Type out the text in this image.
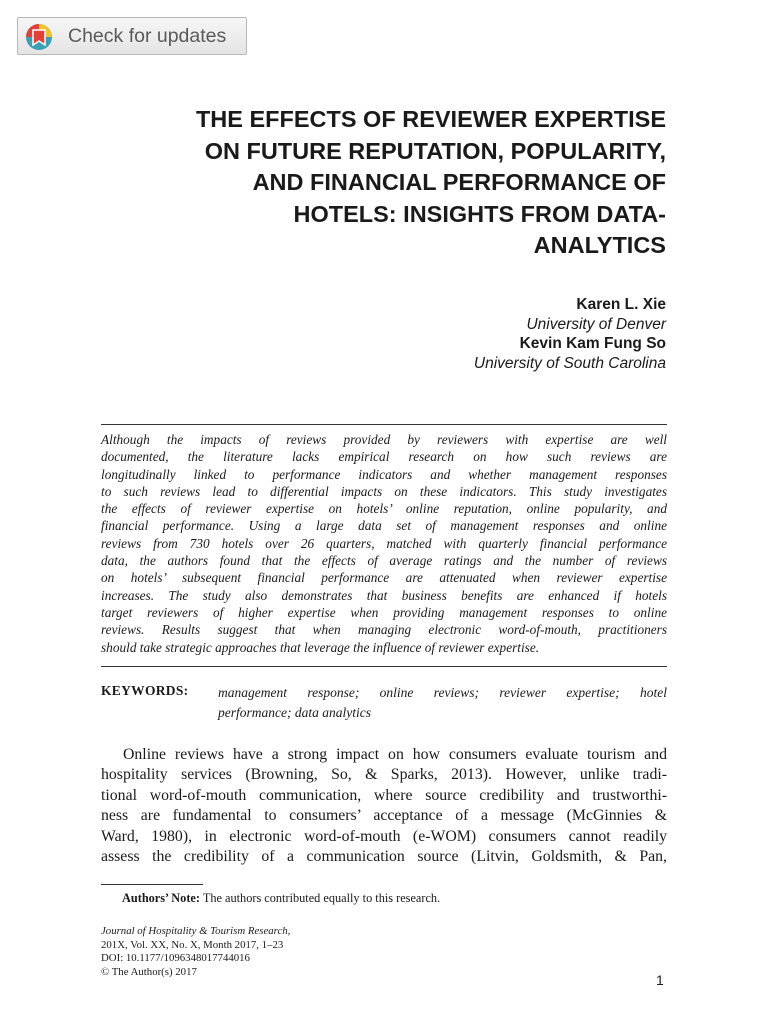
Check for updates
THE EFFECTS OF REVIEWER EXPERTISE
ON FUTURE REPUTATION, POPULARITY,
AND FINANCIAL PERFORMANCE OF
HOTELS: INSIGHTS FROM DATA-
ANALYTICS
Karen L. Xie
University of Denver
Kevin Kam Fung So
University of South Carolina
Although the impacts of reviews provided by reviewers with expertise are well
documented, the literature lacks empirical research on how such reviews are
longitudinally linked to performance indicators and whether management responses
to such reviews lead to differential impacts on these indicators. This study investigates
the effects of reviewer expertise on hotels’ online reputation, online popularity, and
financial performance. Using a large data set of management responses and online
reviews from 730 hotels over 26 quarters, matched with quarterly financial performance
data, the authors found that the effects of average ratings and the number of reviews
on hotels’ subsequent financial performance are attenuated when reviewer expertise
increases. The study also demonstrates that business benefits are enhanced if hotels
target reviewers of higher expertise when providing management responses to online
reviews. Results suggest that when managing electronic word-of-mouth, practitioners
should take strategic approaches that leverage the influence of reviewer expertise.
KEYWORDS: management response; online reviews; reviewer expertise; hotel
performance; data analytics
Online reviews have a strong impact on how consumers evaluate tourism and
hospitality services (Browning, So, & Sparks, 2013). However, unlike tradi-
tional word-of-mouth communication, where source credibility and trustworthi-
ness are fundamental to consumers’ acceptance of a message (McGinnies &
Ward, 1980), in electronic word-of-mouth (e-WOM) consumers cannot readily
assess the credibility of a communication source (Litvin, Goldsmith, & Pan,
Authors’ Note: The authors contributed equally to this research.
Journal of Hospitality & Tourism Research,
201X, Vol. XX, No. X, Month 2017, 1–23
DOI: 10.1177/1096348017744016
© The Author(s) 2017
1
